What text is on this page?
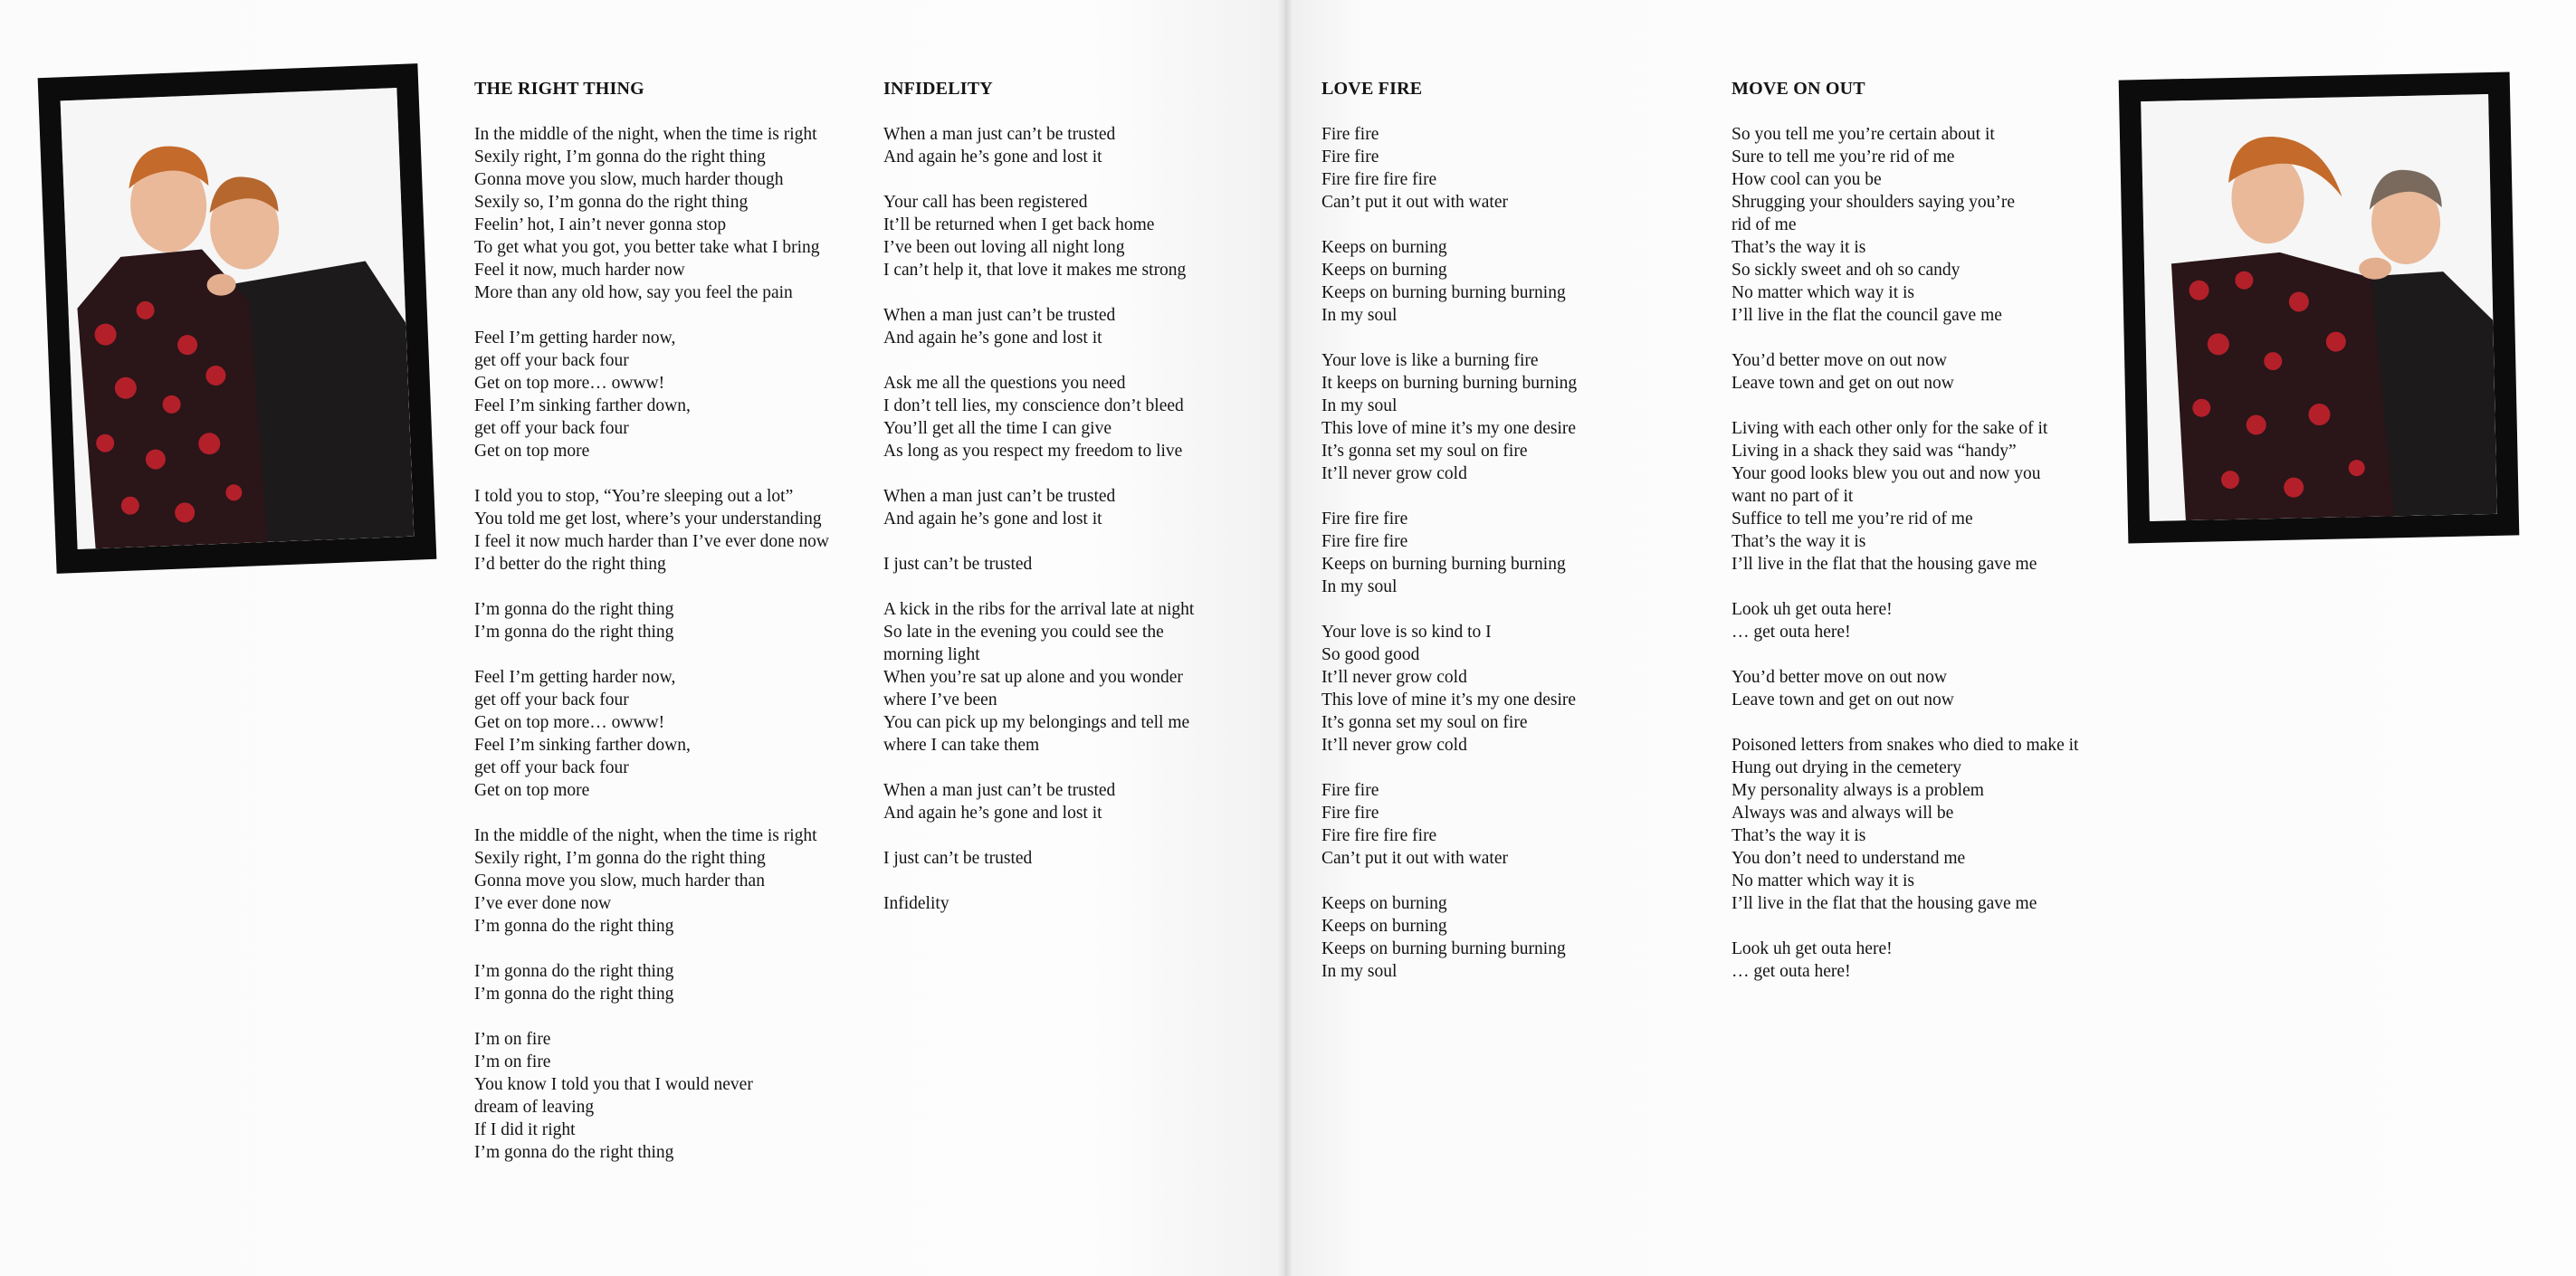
THE RIGHT THING
In the middle of the night, when the time is right
Sexily right, I’m gonna do the right thing
Gonna move you slow, much harder though
Sexily so, I’m gonna do the right thing
Feelin’ hot, I ain’t never gonna stop
To get what you got, you better take what I bring
Feel it now, much harder now
More than any old how, say you feel the pain
Feel I’m getting harder now,
get off your back four
Get on top more… owww!
Feel I’m sinking farther down,
get off your back four
Get on top more
I told you to stop, “You’re sleeping out a lot”
You told me get lost, where’s your understanding
I feel it now much harder than I’ve ever done now
I’d better do the right thing
I’m gonna do the right thing
I’m gonna do the right thing
Feel I’m getting harder now,
get off your back four
Get on top more… owww!
Feel I’m sinking farther down,
get off your back four
Get on top more
In the middle of the night, when the time is right
Sexily right, I’m gonna do the right thing
Gonna move you slow, much harder than
I’ve ever done now
I’m gonna do the right thing
I’m gonna do the right thing
I’m gonna do the right thing
I’m on fire
I’m on fire
You know I told you that I would never
dream of leaving
If I did it right
I’m gonna do the right thing
INFIDELITY
When a man just can’t be trusted
And again he’s gone and lost it
Your call has been registered
It’ll be returned when I get back home
I’ve been out loving all night long
I can’t help it, that love it makes me strong
When a man just can’t be trusted
And again he’s gone and lost it
Ask me all the questions you need
I don’t tell lies, my conscience don’t bleed
You’ll get all the time I can give
As long as you respect my freedom to live
When a man just can’t be trusted
And again he’s gone and lost it
I just can’t be trusted
A kick in the ribs for the arrival late at night
So late in the evening you could see the
morning light
When you’re sat up alone and you wonder
where I’ve been
You can pick up my belongings and tell me
where I can take them
When a man just can’t be trusted
And again he’s gone and lost it
I just can’t be trusted
Infidelity
LOVE FIRE
Fire fire
Fire fire
Fire fire fire fire
Can’t put it out with water
Keeps on burning
Keeps on burning
Keeps on burning burning burning
In my soul
Your love is like a burning fire
It keeps on burning burning burning
In my soul
This love of mine it’s my one desire
It’s gonna set my soul on fire
It’ll never grow cold
Fire fire fire
Fire fire fire
Keeps on burning burning burning
In my soul
Your love is so kind to I
So good good
It’ll never grow cold
This love of mine it’s my one desire
It’s gonna set my soul on fire
It’ll never grow cold
Fire fire
Fire fire
Fire fire fire fire
Can’t put it out with water
Keeps on burning
Keeps on burning
Keeps on burning burning burning
In my soul
MOVE ON OUT
So you tell me you’re certain about it
Sure to tell me you’re rid of me
How cool can you be
Shrugging your shoulders saying you’re
rid of me
That’s the way it is
So sickly sweet and oh so candy
No matter which way it is
I’ll live in the flat the council gave me
You’d better move on out now
Leave town and get on out now
Living with each other only for the sake of it
Living in a shack they said was “handy”
Your good looks blew you out and now you
want no part of it
Suffice to tell me you’re rid of me
That’s the way it is
I’ll live in the flat that the housing gave me
Look uh get outa here!
… get outa here!
You’d better move on out now
Leave town and get on out now
Poisoned letters from snakes who died to make it
Hung out drying in the cemetery
My personality always is a problem
Always was and always will be
That’s the way it is
You don’t need to understand me
No matter which way it is
I’ll live in the flat that the housing gave me
Look uh get outa here!
… get outa here!
